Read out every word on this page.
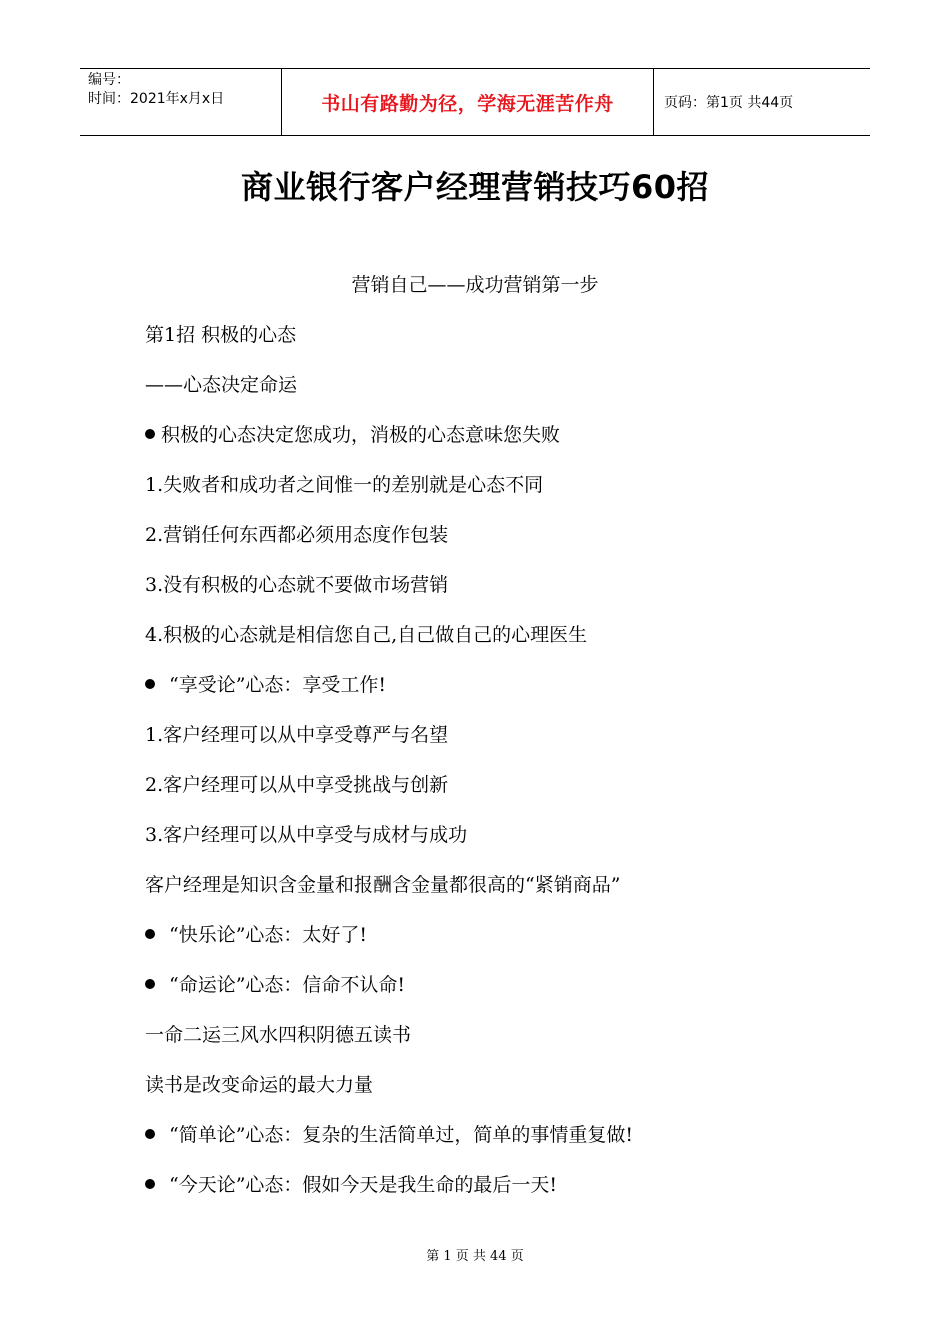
编号：
时间：2021年x月x日	书山有路勤为径，学海无涯苦作舟	页码：第1页 共44页
商业银行客户经理营销技巧60招
营销自己——成功营销第一步
第1招 积极的心态
——心态决定命运
积极的心态决定您成功，消极的心态意味您失败
1.失败者和成功者之间惟一的差别就是心态不同
2.营销任何东西都必须用态度作包装
3.没有积极的心态就不要做市场营销
4.积极的心态就是相信您自己,自己做自己的心理医生
“享受论”心态：享受工作!
1.客户经理可以从中享受尊严与名望
2.客户经理可以从中享受挑战与创新
3.客户经理可以从中享受与成材与成功
客户经理是知识含金量和报酬含金量都很高的“紧销商品”
“快乐论”心态：太好了!
“命运论”心态：信命不认命!
一命二运三风水四积阴德五读书
读书是改变命运的最大力量
“简单论”心态：复杂的生活简单过，简单的事情重复做!
“今天论”心态：假如今天是我生命的最后一天!
第 1 页 共 44 页
